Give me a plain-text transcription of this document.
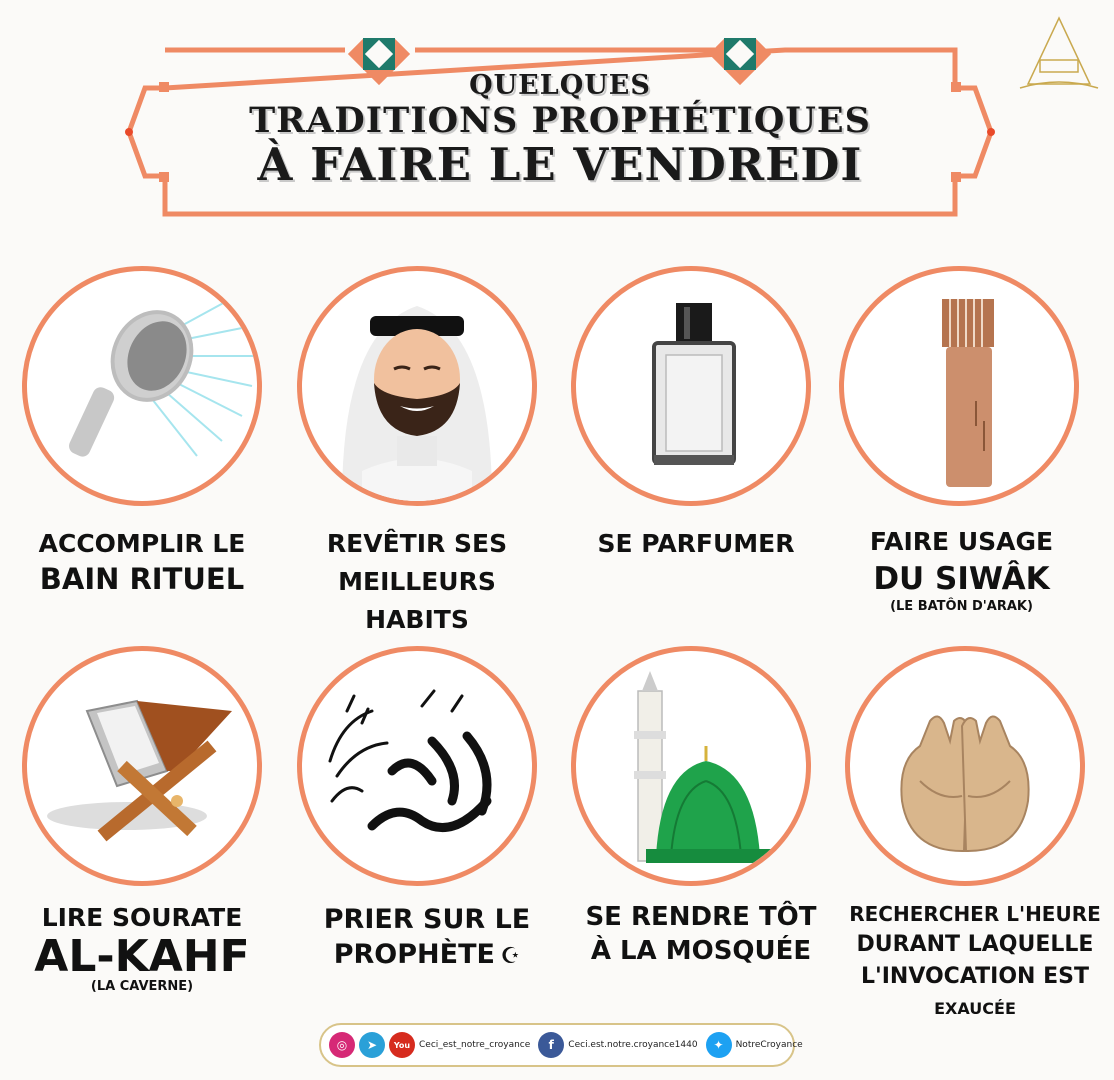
QUELQUES
TRADITIONS PROPHÉTIQUES
À FAIRE LE VENDREDI
ACCOMPLIR LE
BAIN RITUEL
REVÊTIR SES
MEILLEURS
HABITS
SE PARFUMER	FAIRE USAGE
DU SIWÂK
(LE BATÔN D'ARAK)
LIRE SOURATE
AL-KAHF
(LA CAVERNE)
PRIER SUR LE
PROPHÈTE ☪
SE RENDRE TÔT
À LA MOSQUÉE
RECHERCHER L'HEURE
DURANT LAQUELLE
L'INVOCATION EST
EXAUCÉE
◎	➤	You Ceci_est_notre_croyance	f	Ceci.est.notre.croyance1440	✦	NotreCroyance
